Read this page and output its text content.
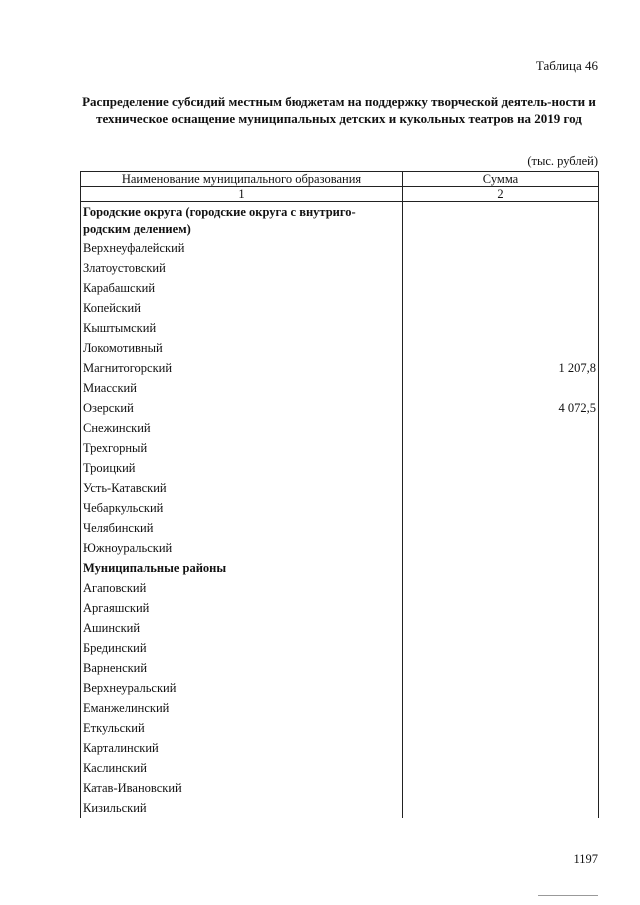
Таблица 46
Распределение субсидий местным бюджетам на поддержку творческой деятель-ности и техническое оснащение муниципальных детских и кукольных театров на 2019 год
(тыс. рублей)
Наименование муниципального образования	Сумма
1	2
Городские округа (городские округа с внутриго-родским делением)	
Верхнеуфалейский	
Златоустовский	
Карабашский	
Копейский	
Кыштымский	
Локомотивный	
Магнитогорский	1 207,8
Миасский	
Озерский	4 072,5
Снежинский	
Трехгорный	
Троицкий	
Усть-Катавский	
Чебаркульский	
Челябинский	
Южноуральский	
Муниципальные районы	
Агаповский	
Аргаяшский	
Ашинский	
Брединский	
Варненский	
Верхнеуральский	
Еманжелинский	
Еткульский	
Карталинский	
Каслинский	
Катав-Ивановский	
Кизильский	
1197
